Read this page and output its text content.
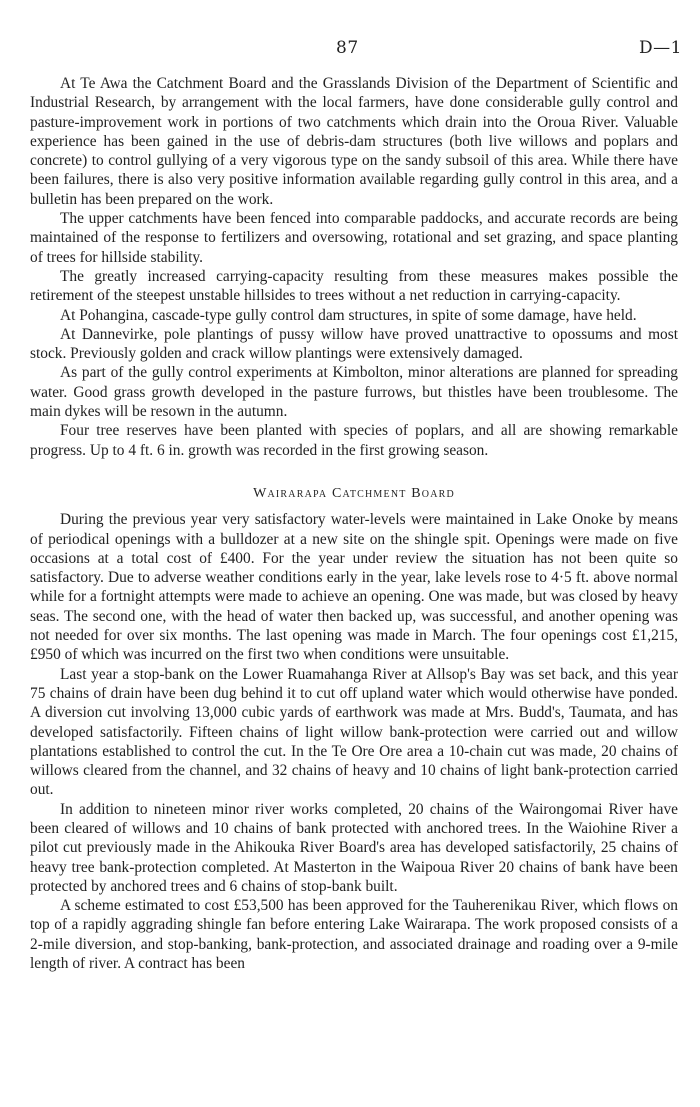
87	D—1

At Te Awa the Catchment Board and the Grasslands Division of the Department of Scientific and Industrial Research, by arrangement with the local farmers, have done considerable gully control and pasture-improvement work in portions of two catchments which drain into the Oroua River. Valuable experience has been gained in the use of debris-dam structures (both live willows and poplars and concrete) to control gullying of a very vigorous type on the sandy subsoil of this area. While there have been failures, there is also very positive information available regarding gully control in this area, and a bulletin has been prepared on the work.

The upper catchments have been fenced into comparable paddocks, and accurate records are being maintained of the response to fertilizers and oversowing, rotational and set grazing, and space planting of trees for hillside stability.

The greatly increased carrying-capacity resulting from these measures makes possible the retirement of the steepest unstable hillsides to trees without a net reduction in carrying-capacity.

At Pohangina, cascade-type gully control dam structures, in spite of some damage, have held.

At Dannevirke, pole plantings of pussy willow have proved unattractive to opossums and most stock. Previously golden and crack willow plantings were extensively damaged.

As part of the gully control experiments at Kimbolton, minor alterations are planned for spreading water. Good grass growth developed in the pasture furrows, but thistles have been troublesome. The main dykes will be resown in the autumn.

Four tree reserves have been planted with species of poplars, and all are showing remarkable progress. Up to 4 ft. 6 in. growth was recorded in the first growing season.

Wairarapa Catchment Board

During the previous year very satisfactory water-levels were maintained in Lake Onoke by means of periodical openings with a bulldozer at a new site on the shingle spit. Openings were made on five occasions at a total cost of £400. For the year under review the situation has not been quite so satisfactory. Due to adverse weather conditions early in the year, lake levels rose to 4·5 ft. above normal while for a fortnight attempts were made to achieve an opening. One was made, but was closed by heavy seas. The second one, with the head of water then backed up, was successful, and another opening was not needed for over six months. The last opening was made in March. The four openings cost £1,215, £950 of which was incurred on the first two when conditions were unsuitable.

Last year a stop-bank on the Lower Ruamahanga River at Allsop's Bay was set back, and this year 75 chains of drain have been dug behind it to cut off upland water which would otherwise have ponded. A diversion cut involving 13,000 cubic yards of earthwork was made at Mrs. Budd's, Taumata, and has developed satisfactorily. Fifteen chains of light willow bank-protection were carried out and willow plantations established to control the cut. In the Te Ore Ore area a 10-chain cut was made, 20 chains of willows cleared from the channel, and 32 chains of heavy and 10 chains of light bank-protection carried out.

In addition to nineteen minor river works completed, 20 chains of the Wairongomai River have been cleared of willows and 10 chains of bank protected with anchored trees. In the Waiohine River a pilot cut previously made in the Ahikouka River Board's area has developed satisfactorily, 25 chains of heavy tree bank-protection completed. At Masterton in the Waipoua River 20 chains of bank have been protected by anchored trees and 6 chains of stop-bank built.

A scheme estimated to cost £53,500 has been approved for the Tauherenikau River, which flows on top of a rapidly aggrading shingle fan before entering Lake Wairarapa. The work proposed consists of a 2-mile diversion, and stop-banking, bank-protection, and associated drainage and roading over a 9-mile length of river. A contract has been
